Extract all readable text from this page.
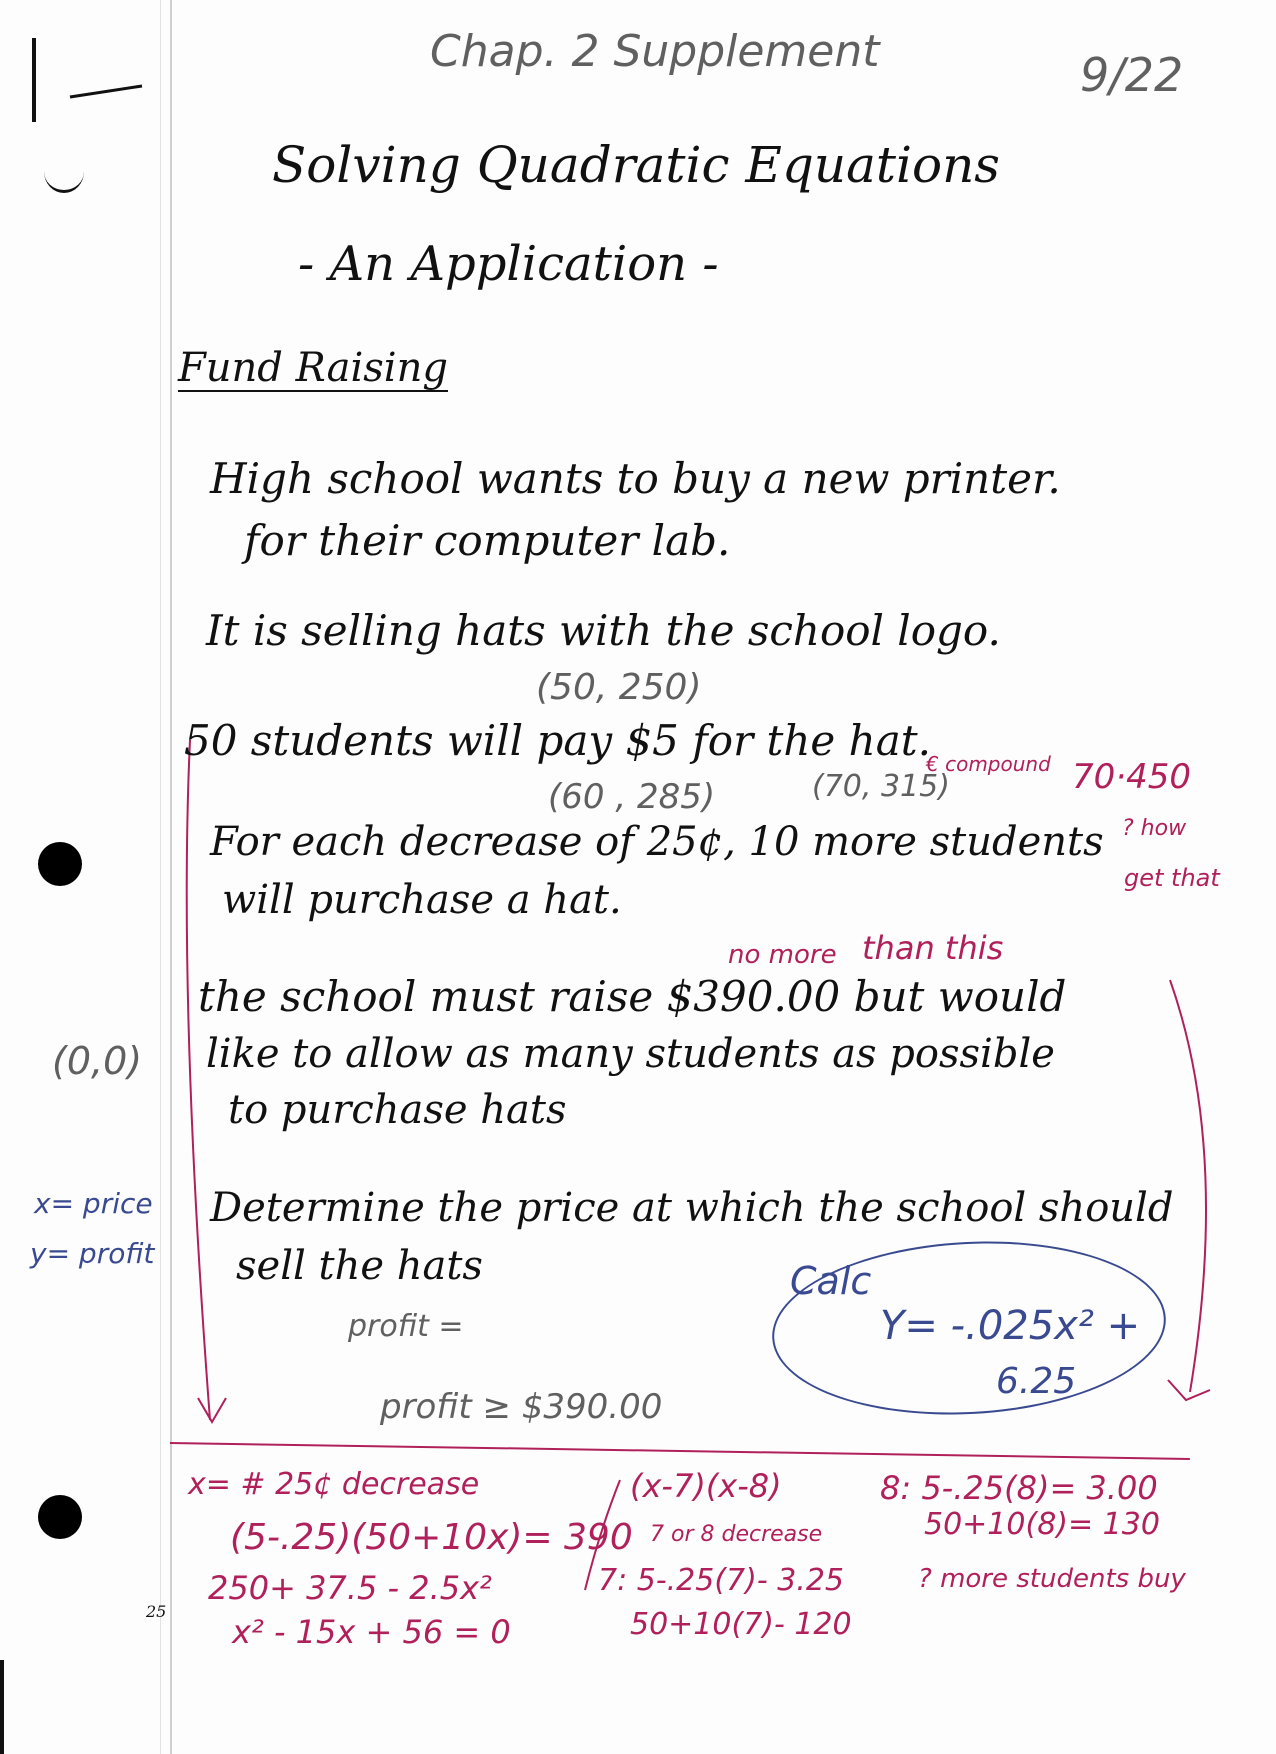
Chap. 2 Supplement	9/22
Solving Quadratic Equations
- An Application -
Fund Raising
High school wants to buy a new printer.
for their computer lab.
It is selling hats with the school logo.
(50, 250)
50 students will pay $5 for the hat.
(60 , 285)	(70, 315)
For each decrease of 25¢, 10 more students
will purchase a hat.
no more than this
the school must raise $390.00 but would
like to allow as many students as possible
to purchase hats
Determine the price at which the school should
sell the hats
€ compound 70·450
? how
get that
(0,0)
x= price
y= profit
25
Calc
Y= -.025x² +
6.25
profit =
profit ≥ $390.00
x= # 25¢ decrease
(5-.25)(50+10x)= 390
250+ 37.5 - 2.5x²
x² - 15x + 56 = 0
(x-7)(x-8)
7 or 8 decrease
7: 5-.25(7)- 3.25
50+10(7)- 120
8: 5-.25(8)= 3.00
50+10(8)= 130
? more students buy
